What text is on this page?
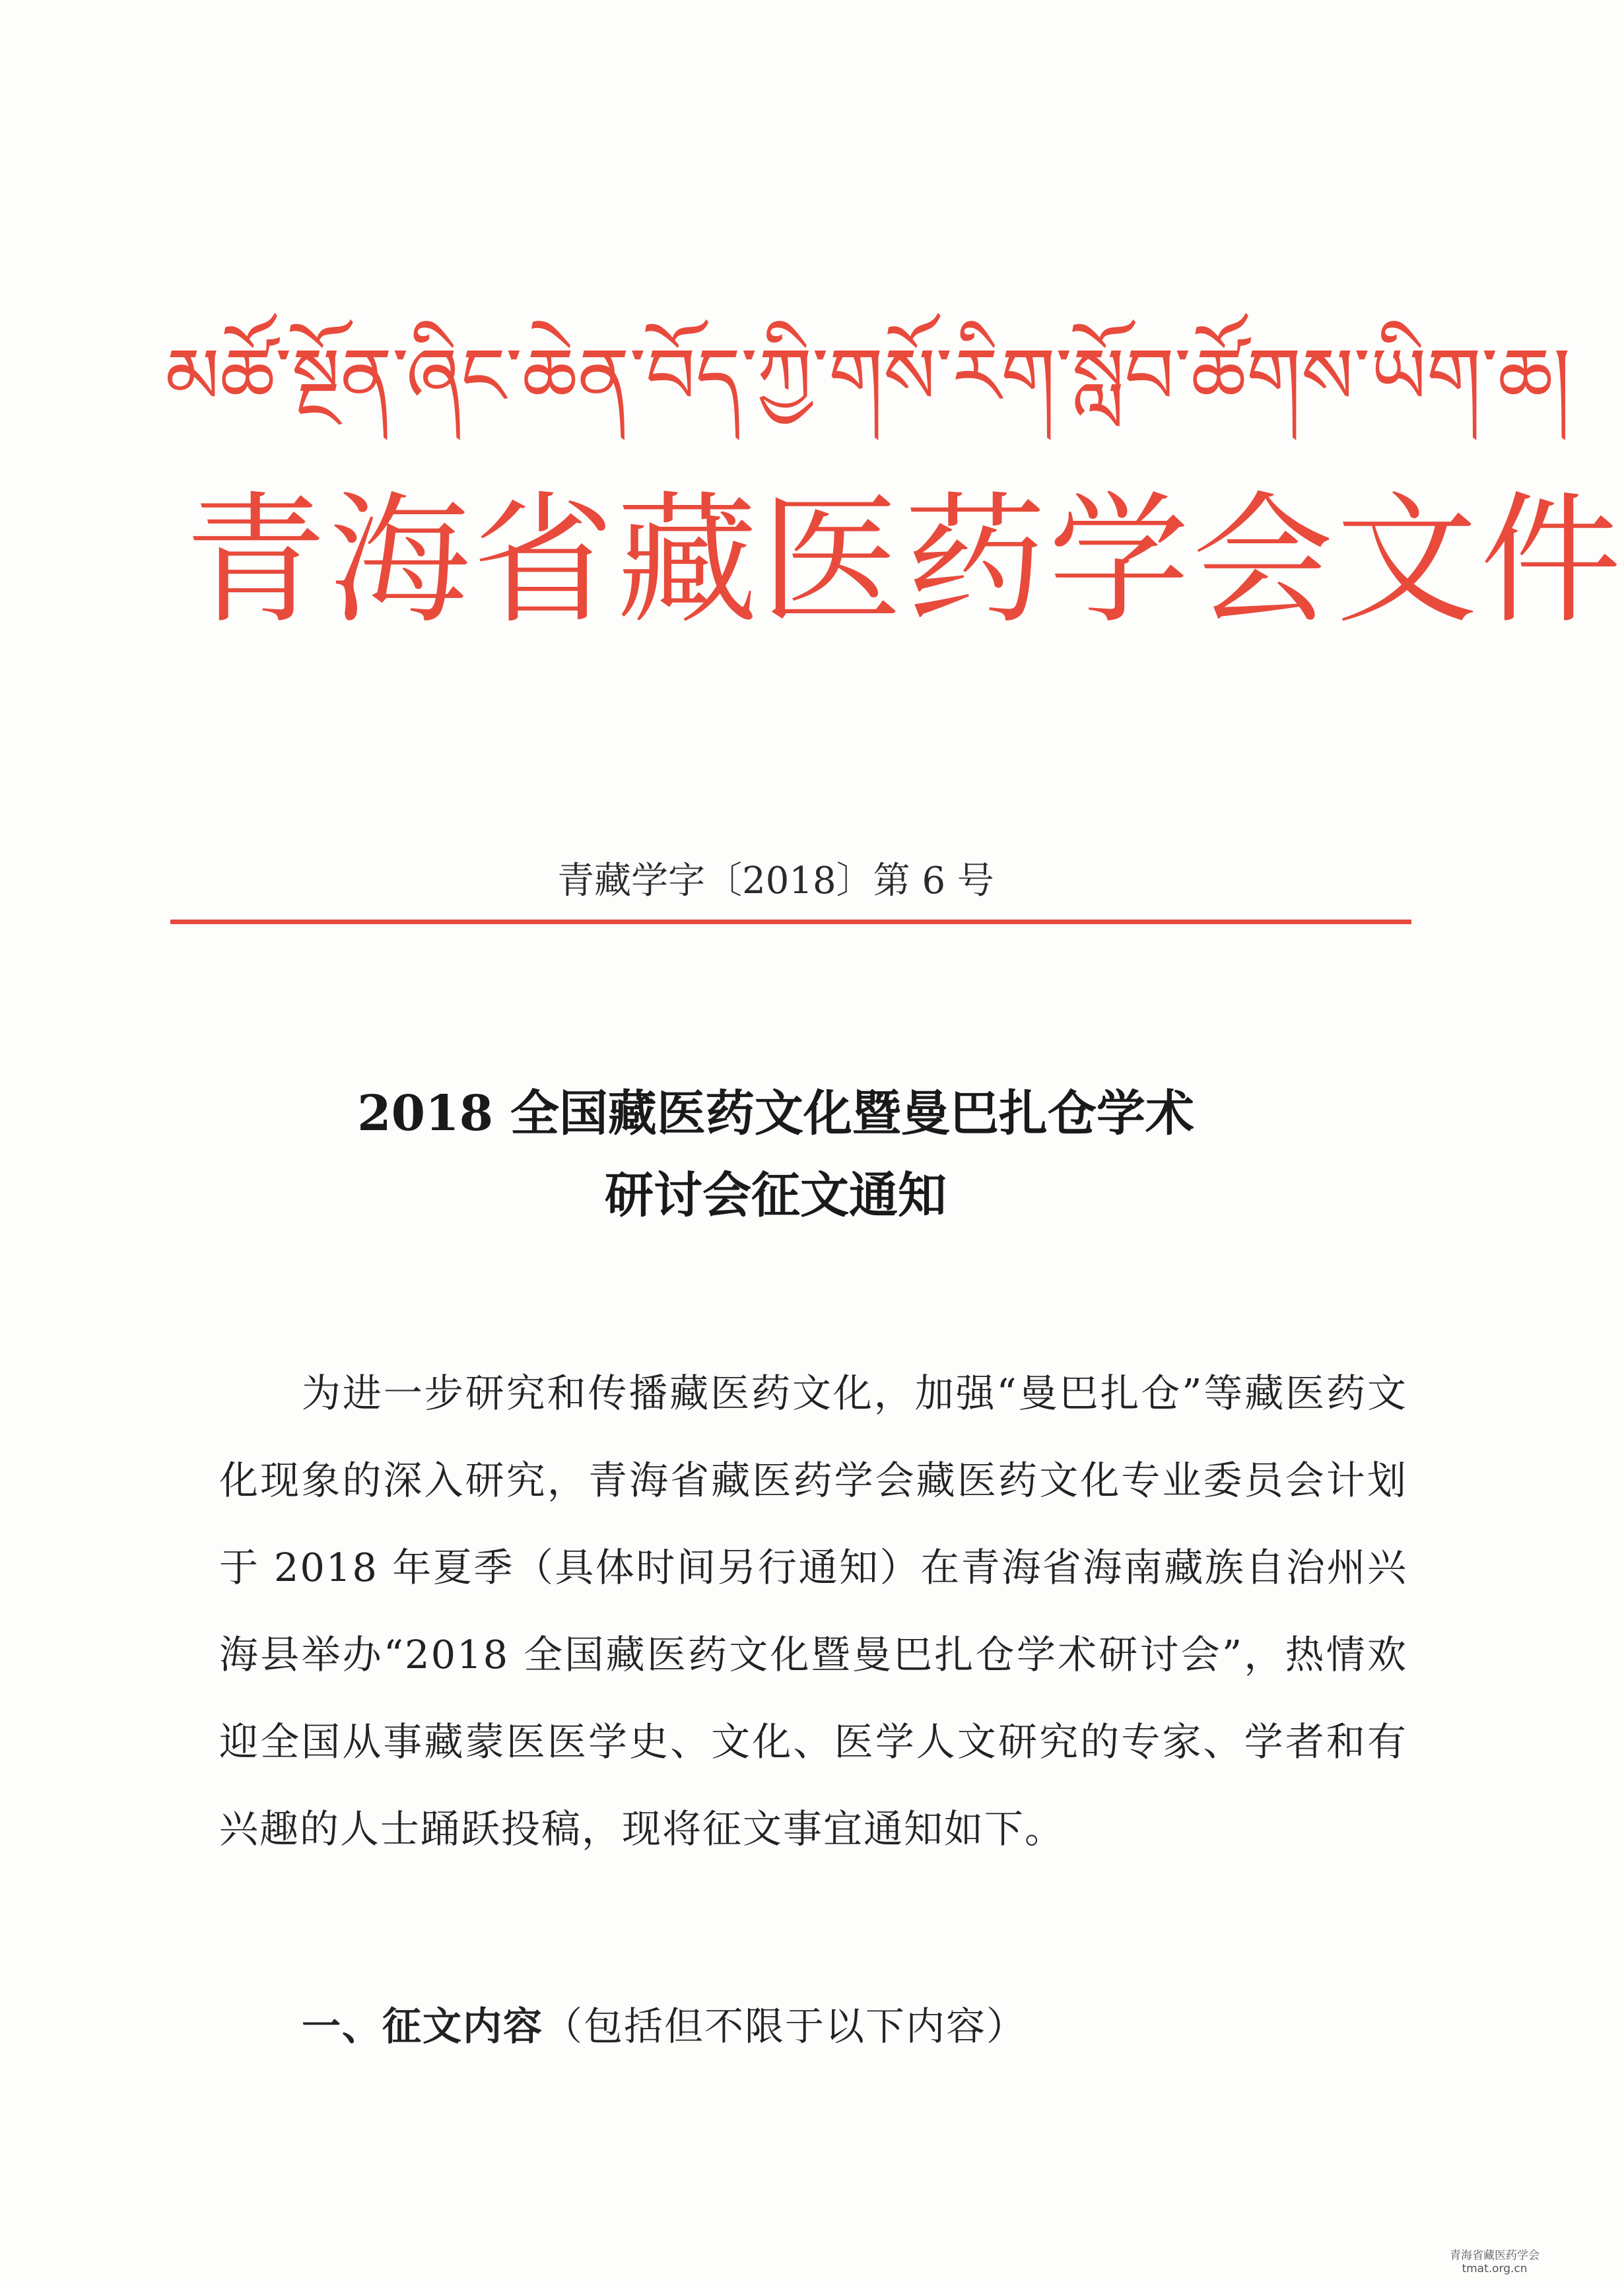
མཚོ་སྔོན་ཞིང་ཆེན་བོད་ཀྱི་གསོ་རིག་སློབ་ཚོགས་ཡིག་ཆ།
青海省藏医药学会文件
青藏学字〔2018〕第 6 号
2018 全国藏医药文化暨曼巴扎仓学术
研讨会征文通知

为进一步研究和传播藏医药文化，加强“曼巴扎仓”等藏医药文化现象的深入研究，青海省藏医药学会藏医药文化专业委员会计划于 2018 年夏季（具体时间另行通知）在青海省海南藏族自治州兴海县举办“2018 全国藏医药文化暨曼巴扎仓学术研讨会”，热情欢迎全国从事藏蒙医医学史、文化、医学人文研究的专家、学者和有兴趣的人士踊跃投稿，现将征文事宜通知如下。

一、征文内容（包括但不限于以下内容）
青海省藏医药学会
tmat.org.cn
